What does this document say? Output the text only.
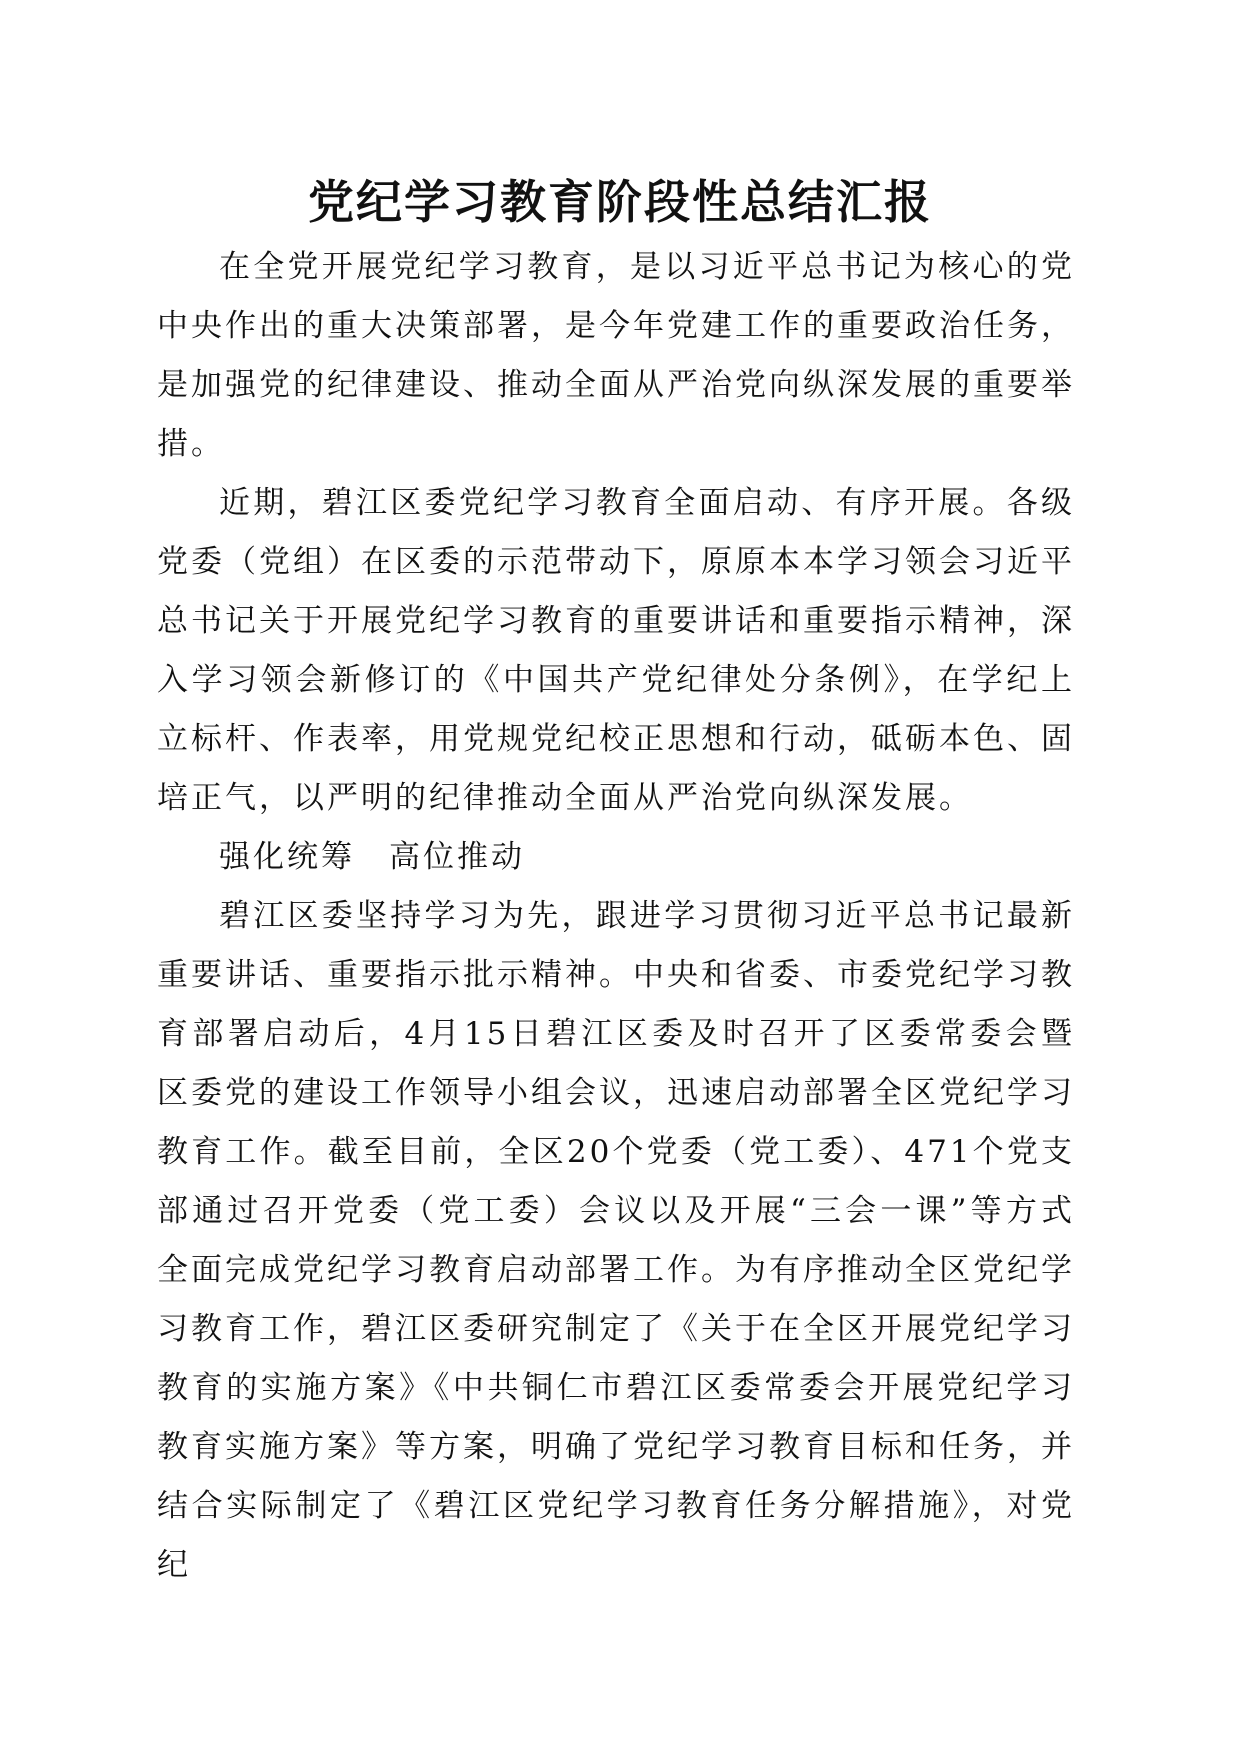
党纪学习教育阶段性总结汇报

在全党开展党纪学习教育，是以习近平总书记为核心的党中央作出的重大决策部署，是今年党建工作的重要政治任务，是加强党的纪律建设、推动全面从严治党向纵深发展的重要举措。

近期，碧江区委党纪学习教育全面启动、有序开展。各级党委（党组）在区委的示范带动下，原原本本学习领会习近平总书记关于开展党纪学习教育的重要讲话和重要指示精神，深入学习领会新修订的《中国共产党纪律处分条例》，在学纪上立标杆、作表率，用党规党纪校正思想和行动，砥砺本色、固培正气，以严明的纪律推动全面从严治党向纵深发展。

强化统筹　高位推动

碧江区委坚持学习为先，跟进学习贯彻习近平总书记最新重要讲话、重要指示批示精神。中央和省委、市委党纪学习教育部署启动后，4月15日碧江区委及时召开了区委常委会暨区委党的建设工作领导小组会议，迅速启动部署全区党纪学习教育工作。截至目前，全区20个党委（党工委）、471个党支部通过召开党委（党工委）会议以及开展“三会一课”等方式全面完成党纪学习教育启动部署工作。为有序推动全区党纪学习教育工作，碧江区委研究制定了《关于在全区开展党纪学习教育的实施方案》《中共铜仁市碧江区委常委会开展党纪学习教育实施方案》等方案，明确了党纪学习教育目标和任务，并结合实际制定了《碧江区党纪学习教育任务分解措施》，对党纪
